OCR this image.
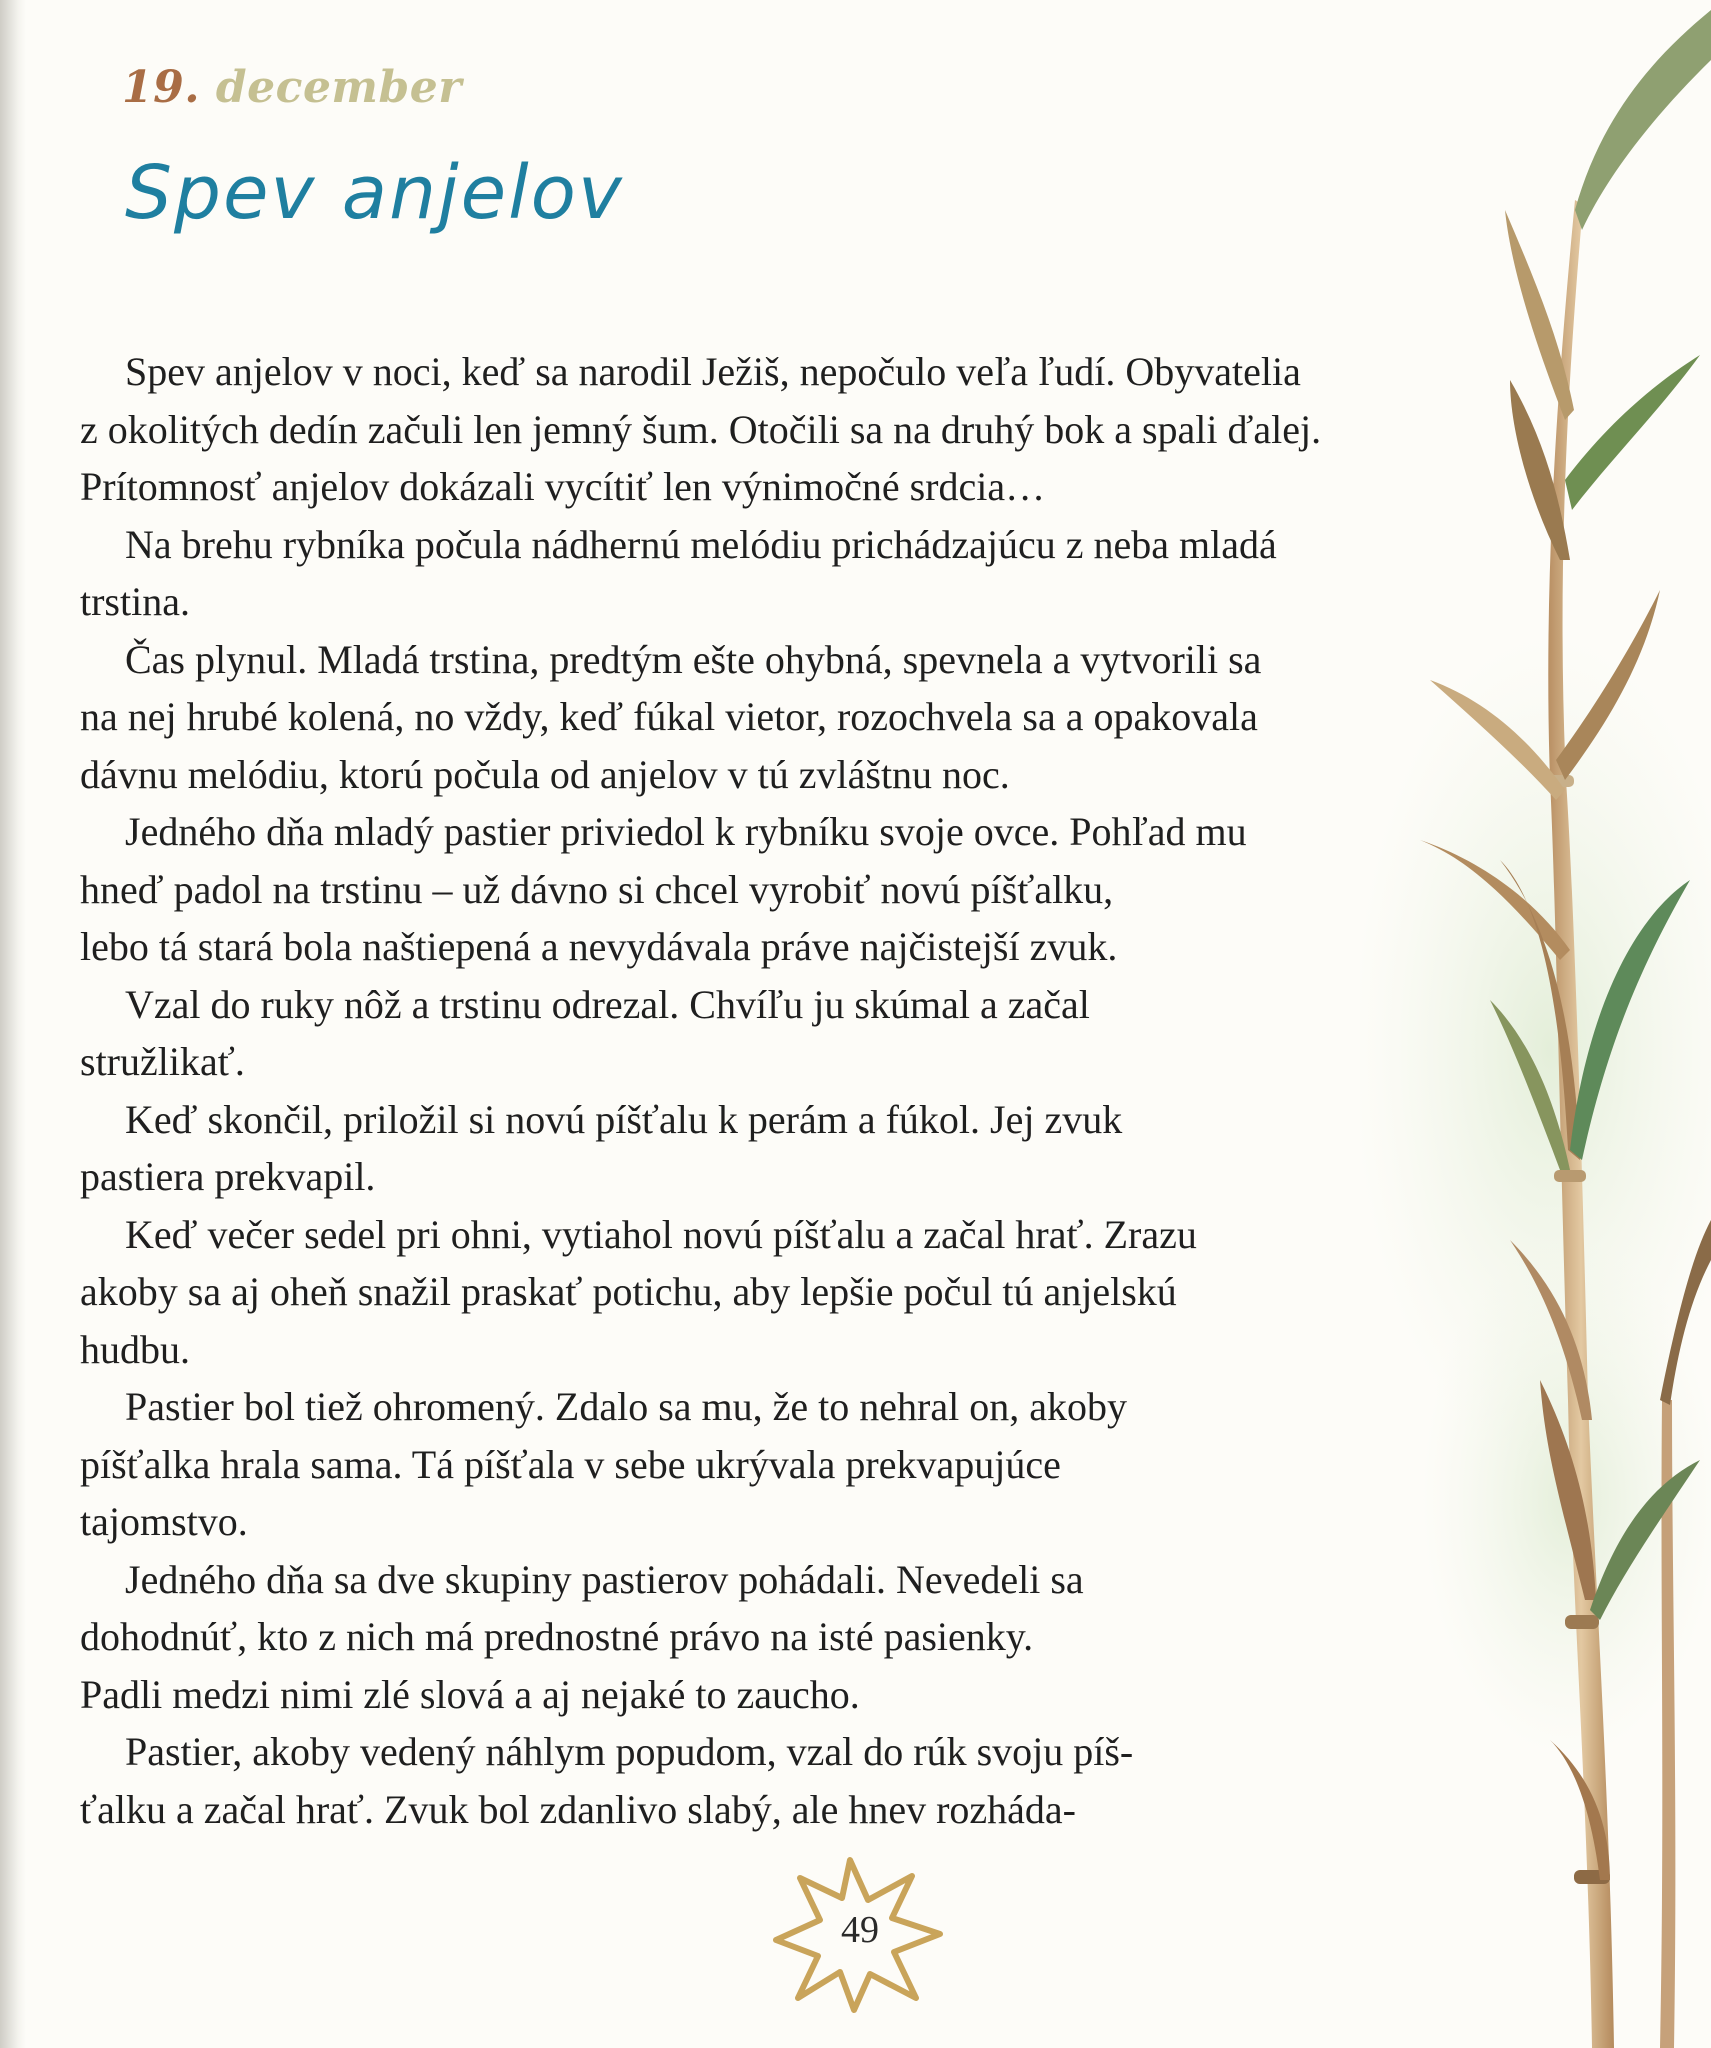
19. december
Spev anjelov
Spev anjelov v noci, keď sa narodil Ježiš, nepočulo veľa ľudí. Obyvatelia
z okolitých dedín začuli len jemný šum. Otočili sa na druhý bok a spali ďalej.
Prítomnosť anjelov dokázali vycítiť len výnimočné srdcia…
Na brehu rybníka počula nádhernú melódiu prichádzajúcu z neba mladá
trstina.
Čas plynul. Mladá trstina, predtým ešte ohybná, spevnela a vytvorili sa
na nej hrubé kolená, no vždy, keď fúkal vietor, rozochvela sa a opakovala
dávnu melódiu, ktorú počula od anjelov v tú zvláštnu noc.
Jedného dňa mladý pastier priviedol k rybníku svoje ovce. Pohľad mu
hneď padol na trstinu – už dávno si chcel vyrobiť novú píšťalku,
lebo tá stará bola naštiepená a nevydávala práve najčistejší zvuk.
Vzal do ruky nôž a trstinu odrezal. Chvíľu ju skúmal a začal
stružlikať.
Keď skončil, priložil si novú píšťalu k perám a fúkol. Jej zvuk
pastiera prekvapil.
Keď večer sedel pri ohni, vytiahol novú píšťalu a začal hrať. Zrazu
akoby sa aj oheň snažil praskať potichu, aby lepšie počul tú anjelskú
hudbu.
Pastier bol tiež ohromený. Zdalo sa mu, že to nehral on, akoby
píšťalka hrala sama. Tá píšťala v sebe ukrývala prekvapujúce
tajomstvo.
Jedného dňa sa dve skupiny pastierov pohádali. Nevedeli sa
dohodnúť, kto z nich má prednostné právo na isté pasienky.
Padli medzi nimi zlé slová a aj nejaké to zaucho.
Pastier, akoby vedený náhlym popudom, vzal do rúk svoju píš-
ťalku a začal hrať. Zvuk bol zdanlivo slabý, ale hnev rozháda-
49
